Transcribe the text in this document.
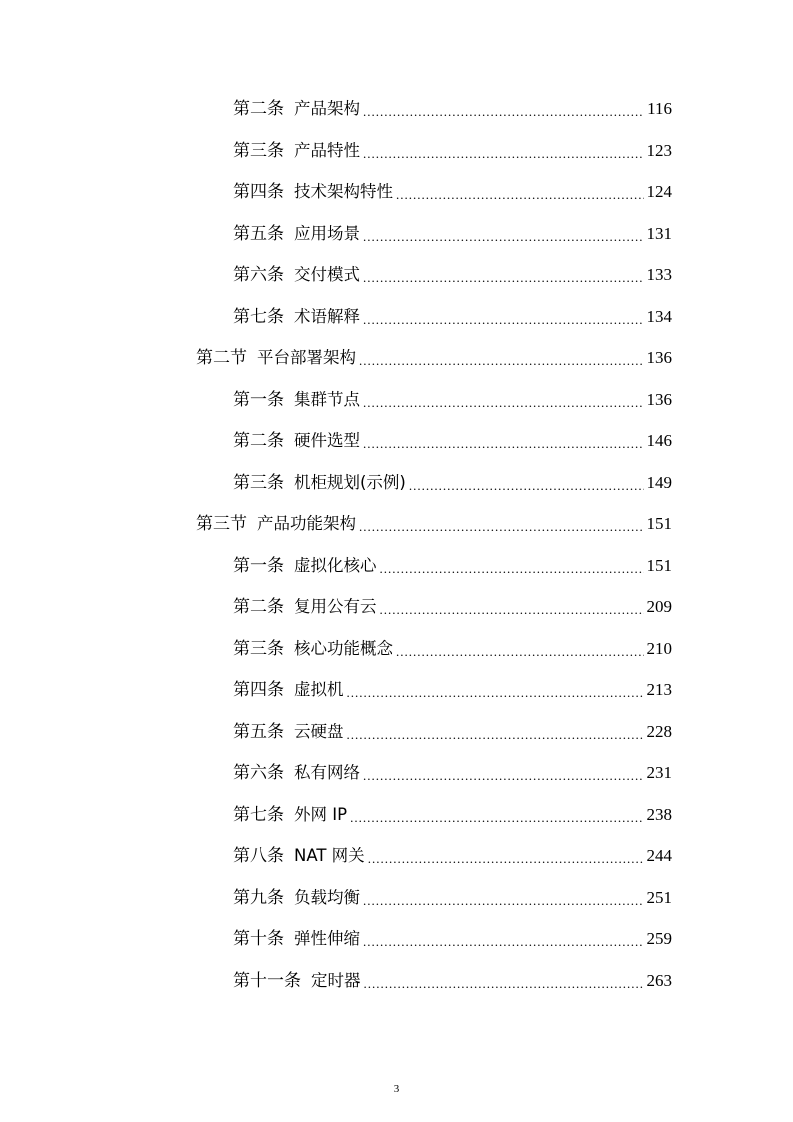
第二条 产品架构 .....	116
第三条 产品特性 .....	123
第四条 技术架构特性 .....	124
第五条 应用场景 .....	131
第六条 交付模式 .....	133
第七条 术语解释 .....	134
第二节 平台部署架构 .....	136
第一条 集群节点 .....	136
第二条 硬件选型 .....	146
第三条 机柜规划(示例) .....	149
第三节 产品功能架构 .....	151
第一条 虚拟化核心 .....	151
第二条 复用公有云 .....	209
第三条 核心功能概念 .....	210
第四条 虚拟机 .....	213
第五条 云硬盘 .....	228
第六条 私有网络 .....	231
第七条 外网 IP .....	238
第八条 NAT 网关 .....	244
第九条 负载均衡 .....	251
第十条 弹性伸缩 .....	259
第十一条 定时器 .....	263
3
